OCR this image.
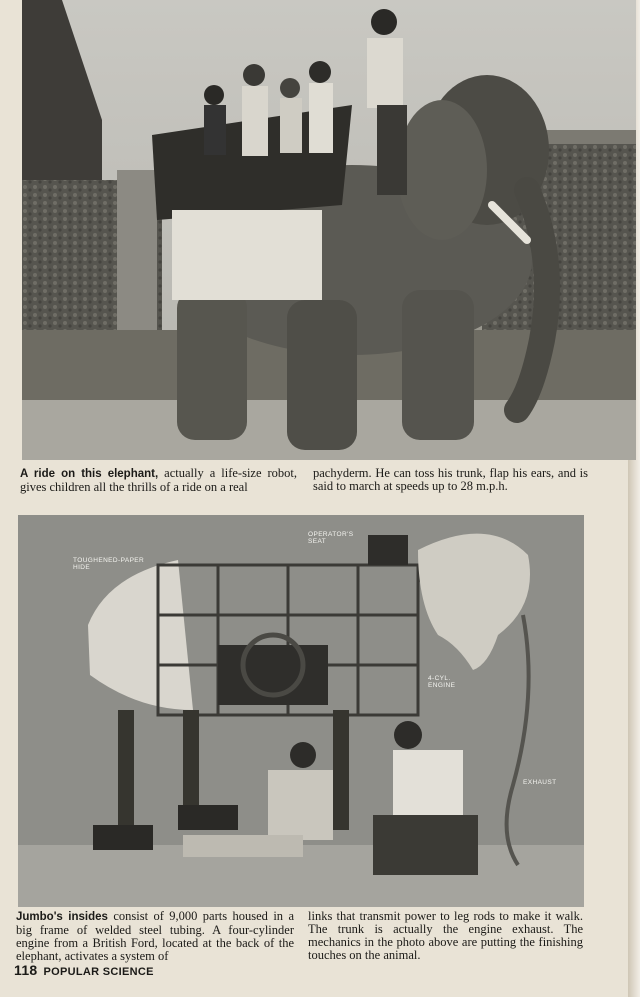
A ride on this elephant, actually a life-size robot, gives children all the thrills of a ride on a real
pachyderm. He can toss his trunk, flap his ears, and is said to march at speeds up to 28 m.p.h.
TOUGHENED-PAPER HIDE
OPERATOR'S SEAT
4-CYL. ENGINE
EXHAUST
Jumbo's insides consist of 9,000 parts housed in a big frame of welded steel tubing. A four-cylinder engine from a British Ford, located at the back of the elephant, activates a system of
links that transmit power to leg rods to make it walk. The trunk is actually the engine exhaust. The mechanics in the photo above are putting the finishing touches on the animal.
118 POPULAR SCIENCE
